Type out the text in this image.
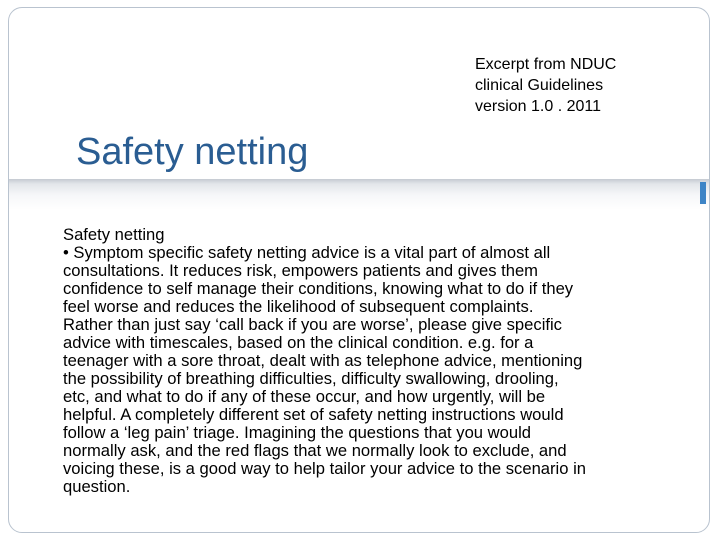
Excerpt from NDUC
clinical Guidelines
version 1.0 . 2011
Safety netting
Safety netting
• Symptom specific safety netting advice is a vital part of almost all
consultations. It reduces risk, empowers patients and gives them
confidence to self manage their conditions, knowing what to do if they
feel worse and reduces the likelihood of subsequent complaints.
Rather than just say ‘call back if you are worse’, please give specific
advice with timescales, based on the clinical condition. e.g. for a
teenager with a sore throat, dealt with as telephone advice, mentioning
the possibility of breathing difficulties, difficulty swallowing, drooling,
etc, and what to do if any of these occur, and how urgently, will be
helpful. A completely different set of safety netting instructions would
follow a ‘leg pain’ triage. Imagining the questions that you would
normally ask, and the red flags that we normally look to exclude, and
voicing these, is a good way to help tailor your advice to the scenario in
question.
